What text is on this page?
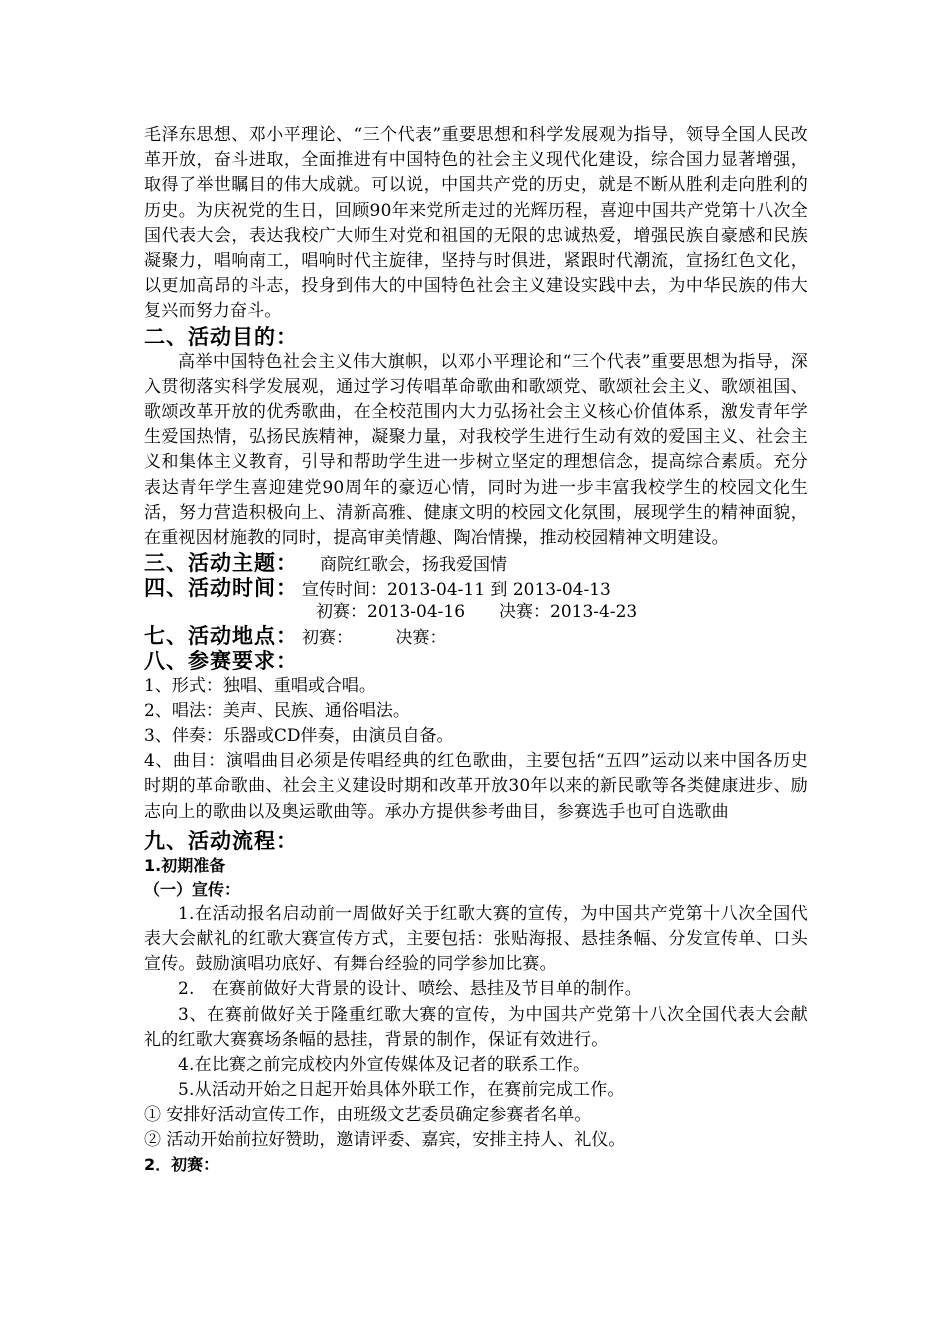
毛泽东思想、邓小平理论、“三个代表”重要思想和科学发展观为指导，领导全国人民改革开放，奋斗进取，全面推进有中国特色的社会主义现代化建设，综合国力显著增强，取得了举世瞩目的伟大成就。可以说，中国共产党的历史，就是不断从胜利走向胜利的历史。为庆祝党的生日，回顾90年来党所走过的光辉历程，喜迎中国共产党第十八次全国代表大会，表达我校广大师生对党和祖国的无限的忠诚热爱，增强民族自豪感和民族凝聚力，唱响南工，唱响时代主旋律，坚持与时俱进，紧跟时代潮流，宣扬红色文化，以更加高昂的斗志，投身到伟大的中国特色社会主义建设实践中去，为中华民族的伟大复兴而努力奋斗。

二、活动目的：

高举中国特色社会主义伟大旗帜，以邓小平理论和“三个代表”重要思想为指导，深入贯彻落实科学发展观，通过学习传唱革命歌曲和歌颂党、歌颂社会主义、歌颂祖国、歌颂改革开放的优秀歌曲，在全校范围内大力弘扬社会主义核心价值体系，激发青年学生爱国热情，弘扬民族精神，凝聚力量，对我校学生进行生动有效的爱国主义、社会主义和集体主义教育，引导和帮助学生进一步树立坚定的理想信念，提高综合素质。充分表达青年学生喜迎建党90周年的豪迈心情，同时为进一步丰富我校学生的校园文化生活，努力营造积极向上、清新高雅、健康文明的校园文化氛围，展现学生的精神面貌，在重视因材施教的同时，提高审美情趣、陶冶情操，推动校园精神文明建设。

三、活动主题： 商院红歌会，扬我爱国情
四、活动时间： 宣传时间：2013-04-11 到 2013-04-13
初赛：2013-04-16　　决赛：2013-4-23
七、活动地点： 初赛：　　　决赛：
八、参赛要求：

1、形式：独唱、重唱或合唱。

2、唱法：美声、民族、通俗唱法。

3、伴奏：乐器或CD伴奏，由演员自备。

4、曲目：演唱曲目必须是传唱经典的红色歌曲，主要包括“五四”运动以来中国各历史时期的革命歌曲、社会主义建设时期和改革开放30年以来的新民歌等各类健康进步、励志向上的歌曲以及奥运歌曲等。承办方提供参考曲目，参赛选手也可自选歌曲

九、活动流程：

1.初期准备

（一）宣传：

1.在活动报名启动前一周做好关于红歌大赛的宣传，为中国共产党第十八次全国代表大会献礼的红歌大赛宣传方式，主要包括：张贴海报、悬挂条幅、分发宣传单、口头宣传。鼓励演唱功底好、有舞台经验的同学参加比赛。

2.　在赛前做好大背景的设计、喷绘、悬挂及节目单的制作。

3、在赛前做好关于隆重红歌大赛的宣传，为中国共产党第十八次全国代表大会献礼的红歌大赛赛场条幅的悬挂，背景的制作，保证有效进行。

4.在比赛之前完成校内外宣传媒体及记者的联系工作。

5.从活动开始之日起开始具体外联工作，在赛前完成工作。

① 安排好活动宣传工作，由班级文艺委员确定参赛者名单。

② 活动开始前拉好赞助，邀请评委、嘉宾，安排主持人、礼仪。

2．初赛：
